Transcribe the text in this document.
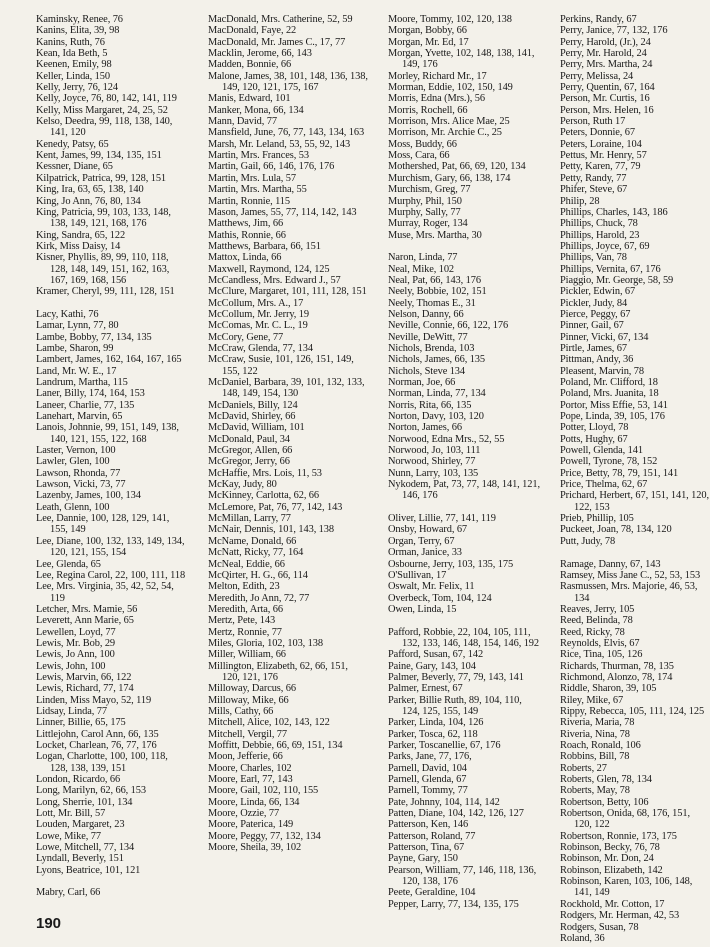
Kaminsky, Renee, 76
Kanins, Elita, 39, 98
Kanins, Ruth, 76
Kean, Ida Beth, 5
Keenen, Emily, 98
Keller, Linda, 150
Kelly, Jerry, 76, 124
Kelly, Joyce, 76, 80, 142, 141, 119
Kelly, Miss Margaret, 24, 25, 52
Kelso, Deedra, 99, 118, 138, 140, 141, 120
Kenedy, Patsy, 65
Kent, James, 99, 134, 135, 151
Kessner, Diane, 65
Kilpatrick, Patrica, 99, 128, 151
King, Ira, 63, 65, 138, 140
King, Jo Ann, 76, 80, 134
King, Patricia, 99, 103, 133, 148, 138, 149, 121, 168, 176
King, Sandra, 65, 122
Kirk, Miss Daisy, 14
Kisner, Phyllis, 89, 99, 110, 118, 128, 148, 149, 151, 162, 163, 167, 169, 168, 156
Kramer, Cheryl, 99, 111, 128, 151
Lacy, Kathi, 76
Lamar, Lynn, 77, 80
Lambe, Bobby, 77, 134, 135
Lambe, Sharon, 99
Lambert, James, 162, 164, 167, 165
Land, Mr. W. E., 17
Landrum, Martha, 115
Laner, Billy, 174, 164, 153
Laneer, Charlie, 77, 135
Lanehart, Marvin, 65
Lanois, Johnnie, 99, 151, 149, 138, 140, 121, 155, 122, 168
Laster, Vernon, 100
Lawler, Glen, 100
Lawson, Rhonda, 77
Lawson, Vicki, 73, 77
Lazenby, James, 100, 134
Leath, Glenn, 100
Lee, Dannie, 100, 128, 129, 141, 155, 149
Lee, Diane, 100, 132, 133, 149, 134, 120, 121, 155, 154
Lee, Glenda, 65
Lee, Regina Carol, 22, 100, 111, 118
Lee, Mrs. Virginia, 35, 42, 52, 54, 119
Letcher, Mrs. Mamie, 56
Leverett, Ann Marie, 65
Lewellen, Loyd, 77
Lewis, Mr. Bob, 29
Lewis, Jo Ann, 100
Lewis, John, 100
Lewis, Marvin, 66, 122
Lewis, Richard, 77, 174
Linden, Miss Mayo, 52, 119
Lidsay, Linda, 77
Linner, Billie, 65, 175
Littlejohn, Carol Ann, 66, 135
Locket, Charlean, 76, 77, 176
Logan, Charlotte, 100, 100, 118, 128, 138, 139, 151
London, Ricardo, 66
Long, Marilyn, 62, 66, 153
Long, Sherrie, 101, 134
Lott, Mr. Bill, 57
Louden, Margaret, 23
Lowe, Mike, 77
Lowe, Mitchell, 77, 134
Lyndall, Beverly, 151
Lyons, Beatrice, 101, 121
Mabry, Carl, 66
MacDonald, Mrs. Catherine, 52, 59
MacDonald, Faye, 22
MacDonald, Mr. James C., 17, 77
Macklin, Jerome, 66, 143
Madden, Bonnie, 66
Malone, James, 38, 101, 148, 136, 138, 149, 120, 121, 175, 167
Manis, Edward, 101
Manker, Mona, 66, 134
Mann, David, 77
Mansfield, June, 76, 77, 143, 134, 163
Marsh, Mr. Leland, 53, 55, 92, 143
Martin, Mrs. Frances, 53
Martin, Gail, 66, 146, 176, 176
Martin, Mrs. Lula, 57
Martin, Mrs. Martha, 55
Martin, Ronnie, 115
Mason, James, 55, 77, 114, 142, 143
Matthews, Jim, 66
Mathis, Ronnie, 66
Matthews, Barbara, 66, 151
Mattox, Linda, 66
Maxwell, Raymond, 124, 125
McCandless, Mrs. Edward J., 57
McClure, Margaret, 101, 111, 128, 151
McCollum, Mrs. A., 17
McCollum, Mr. Jerry, 19
McComas, Mr. C. L., 19
McCory, Gene, 77
McCraw, Glenda, 77, 134
McCraw, Susie, 101, 126, 151, 149, 155, 122
McDaniel, Barbara, 39, 101, 132, 133, 148, 149, 154, 130
McDaniels, Billy, 124
McDavid, Shirley, 66
McDavid, William, 101
McDonald, Paul, 34
McGregor, Allen, 66
McGregor, Jerry, 66
McHaffie, Mrs. Lois, 11, 53
McKay, Judy, 80
McKinney, Carlotta, 62, 66
McLemore, Pat, 76, 77, 142, 143
McMillan, Larry, 77
McNair, Dennis, 101, 143, 138
McName, Donald, 66
McNatt, Ricky, 77, 164
McNeal, Eddie, 66
McQirter, H. G., 66, 114
Melton, Edith, 23
Meredith, Jo Ann, 72, 77
Meredith, Arta, 66
Mertz, Pete, 143
Mertz, Ronnie, 77
Miles, Gloria, 102, 103, 138
Miller, William, 66
Millington, Elizabeth, 62, 66, 151, 120, 121, 176
Milloway, Darcus, 66
Milloway, Mike, 66
Mills, Cathy, 66
Mitchell, Alice, 102, 143, 122
Mitchell, Vergil, 77
Moffitt, Debbie, 66, 69, 151, 134
Moon, Jefferie, 66
Moore, Charles, 102
Moore, Earl, 77, 143
Moore, Gail, 102, 110, 155
Moore, Linda, 66, 134
Moore, Ozzie, 77
Moore, Paterica, 149
Moore, Peggy, 77, 132, 134
Moore, Sheila, 39, 102
Moore, Tommy, 102, 120, 138
Morgan, Bobby, 66
Morgan, Mr. Ed, 17
Morgan, Yvette, 102, 148, 138, 141, 149, 176
Morley, Richard Mr., 17
Morman, Eddie, 102, 150, 149
Morris, Edna (Mrs.), 56
Morris, Rochell, 66
Morrison, Mrs. Alice Mae, 25
Morrison, Mr. Archie C., 25
Moss, Buddy, 66
Moss, Cara, 66
Mothershed, Pat, 66, 69, 120, 134
Murchism, Gary, 66, 138, 174
Murchism, Greg, 77
Murphy, Phil, 150
Murphy, Sally, 77
Murray, Roger, 134
Muse, Mrs. Martha, 30
Naron, Linda, 77
Neal, Mike, 102
Neal, Pat, 66, 143, 176
Neely, Bobbie, 102, 151
Neely, Thomas E., 31
Nelson, Danny, 66
Neville, Connie, 66, 122, 176
Neville, DeWitt, 77
Nichols, Brenda, 103
Nichols, James, 66, 135
Nichols, Steve 134
Norman, Joe, 66
Norman, Linda, 77, 134
Norris, Rita, 66, 135
Norton, Davy, 103, 120
Norton, James, 66
Norwood, Edna Mrs., 52, 55
Norwood, Jo, 103, 111
Norwood, Shirley, 77
Nunn, Larry, 103, 135
Nykodem, Pat, 73, 77, 148, 141, 121, 146, 176
Oliver, Lillie, 77, 141, 119
Onsby, Howard, 67
Organ, Terry, 67
Orman, Janice, 33
Osbourne, Jerry, 103, 135, 175
O'Sullivan, 17
Oswalt, Mr. Felix, 11
Overbeck, Tom, 104, 124
Owen, Linda, 15
Pafford, Robbie, 22, 104, 105, 111, 132, 133, 146, 148, 154, 146, 192
Pafford, Susan, 67, 142
Paine, Gary, 143, 104
Palmer, Beverly, 77, 79, 143, 141
Palmer, Ernest, 67
Parker, Billie Ruth, 89, 104, 110, 124, 125, 155, 149
Parker, Linda, 104, 126
Parker, Tosca, 62, 118
Parker, Toscanellie, 67, 176
Parks, Jane, 77, 176,
Parnell, David, 104
Parnell, Glenda, 67
Parnell, Tommy, 77
Pate, Johnny, 104, 114, 142
Patten, Diane, 104, 142, 126, 127
Patterson, Ken, 146
Patterson, Roland, 77
Patterson, Tina, 67
Payne, Gary, 150
Pearson, William, 77, 146, 118, 136, 120, 138, 176
Peete, Geraldine, 104
Pepper, Larry, 77, 134, 135, 175
Perkins, Randy, 67
Perry, Janice, 77, 132, 176
Perry, Harold, (Jr.), 24
Perry, Mr. Harold, 24
Perry, Mrs. Martha, 24
Perry, Melissa, 24
Perry, Quentin, 67, 164
Person, Mr. Curtis, 16
Person, Mrs. Helen, 16
Person, Ruth 17
Peters, Donnie, 67
Peters, Loraine, 104
Pettus, Mr. Henry, 57
Petty, Karen, 77, 79
Petty, Randy, 77
Phifer, Steve, 67
Philip, 28
Phillips, Charles, 143, 186
Phillips, Chuck, 78
Phillips, Harold, 23
Phillips, Joyce, 67, 69
Phillips, Van, 78
Phillips, Vernita, 67, 176
Piaggio, Mr. George, 58, 59
Pickler, Edwin, 67
Pickler, Judy, 84
Pierce, Peggy, 67
Pinner, Gail, 67
Pinner, Vicki, 67, 134
Pirtle, James, 67
Pittman, Andy, 36
Pleasent, Marvin, 78
Poland, Mr. Clifford, 18
Poland, Mrs. Juanita, 18
Portor, Miss Effie, 53, 141
Pope, Linda, 39, 105, 176
Potter, Lloyd, 78
Potts, Hughy, 67
Powell, Glenda, 141
Powell, Tyrone, 78, 152
Price, Betty, 78, 79, 151, 141
Price, Thelma, 62, 67
Prichard, Herbert, 67, 151, 141, 120, 122, 153
Prieb, Phillip, 105
Puckeet, Joan, 78, 134, 120
Putt, Judy, 78
Ramage, Danny, 67, 143
Ramsey, Miss Jane C., 52, 53, 153
Rasmussen, Mrs. Majorie, 46, 53, 134
Reaves, Jerry, 105
Reed, Belinda, 78
Reed, Ricky, 78
Reynolds, Elvis, 67
Rice, Tina, 105, 126
Richards, Thurman, 78, 135
Richmond, Alonzo, 78, 174
Riddle, Sharon, 39, 105
Riley, Mike, 67
Rippy, Rebecca, 105, 111, 124, 125
Riveria, Maria, 78
Riveria, Nina, 78
Roach, Ronald, 106
Robbins, Bill, 78
Roberts, 27
Roberts, Glen, 78, 134
Roberts, May, 78
Robertson, Betty, 106
Robertson, Onida, 68, 176, 151, 120, 122
Robertson, Ronnie, 173, 175
Robinson, Becky, 76, 78
Robinson, Mr. Don, 24
Robinson, Elizabeth, 142
Robinson, Karen, 103, 106, 148, 141, 149
Rockhold, Mr. Cotton, 17
Rodgers, Mr. Herman, 42, 53
Rodgers, Susan, 78
Roland, 36
190
